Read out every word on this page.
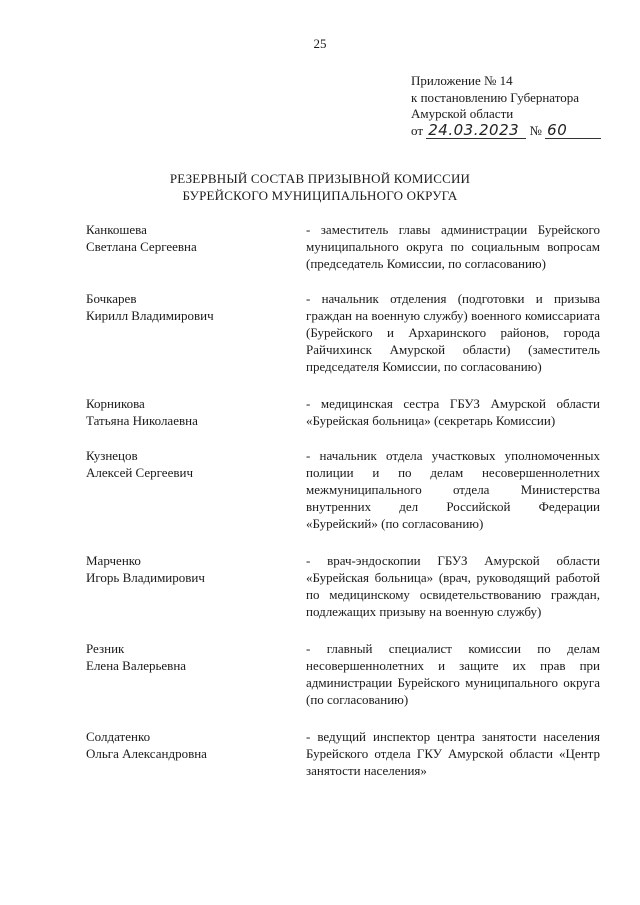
25
Приложение № 14
к постановлению Губернатора
Амурской области
от 24.03.2023 № 60
РЕЗЕРВНЫЙ СОСТАВ ПРИЗЫВНОЙ КОМИССИИ
БУРЕЙСКОГО МУНИЦИПАЛЬНОГО ОКРУГА
Канкошева
Светлана Сергеевна
- заместитель главы администрации Бурейского муниципального округа по социальным вопросам (председатель Комиссии, по согласованию)
Бочкарев
Кирилл Владимирович
- начальник отделения (подготовки и призыва граждан на военную службу) военного комиссариата (Бурейского и Архаринского районов, города Райчихинск Амурской области) (заместитель председателя Комиссии, по согласованию)
Корникова
Татьяна Николаевна
- медицинская сестра ГБУЗ Амурской области «Бурейская больница» (секретарь Комиссии)
Кузнецов
Алексей Сергеевич
- начальник отдела участковых уполномоченных полиции и по делам несовершеннолетних межмуниципального отдела Министерства внутренних дел Российской Федерации «Бурейский» (по согласованию)
Марченко
Игорь Владимирович
- врач-эндоскопии ГБУЗ Амурской области «Бурейская больница» (врач, руководящий работой по медицинскому освидетельствованию граждан, подлежащих призыву на военную службу)
Резник
Елена Валерьевна
- главный специалист комиссии по делам несовершеннолетних и защите их прав при администрации Бурейского муниципального округа (по согласованию)
Солдатенко
Ольга Александровна
- ведущий инспектор центра занятости населения Бурейского отдела ГКУ Амурской области «Центр занятости населения»
